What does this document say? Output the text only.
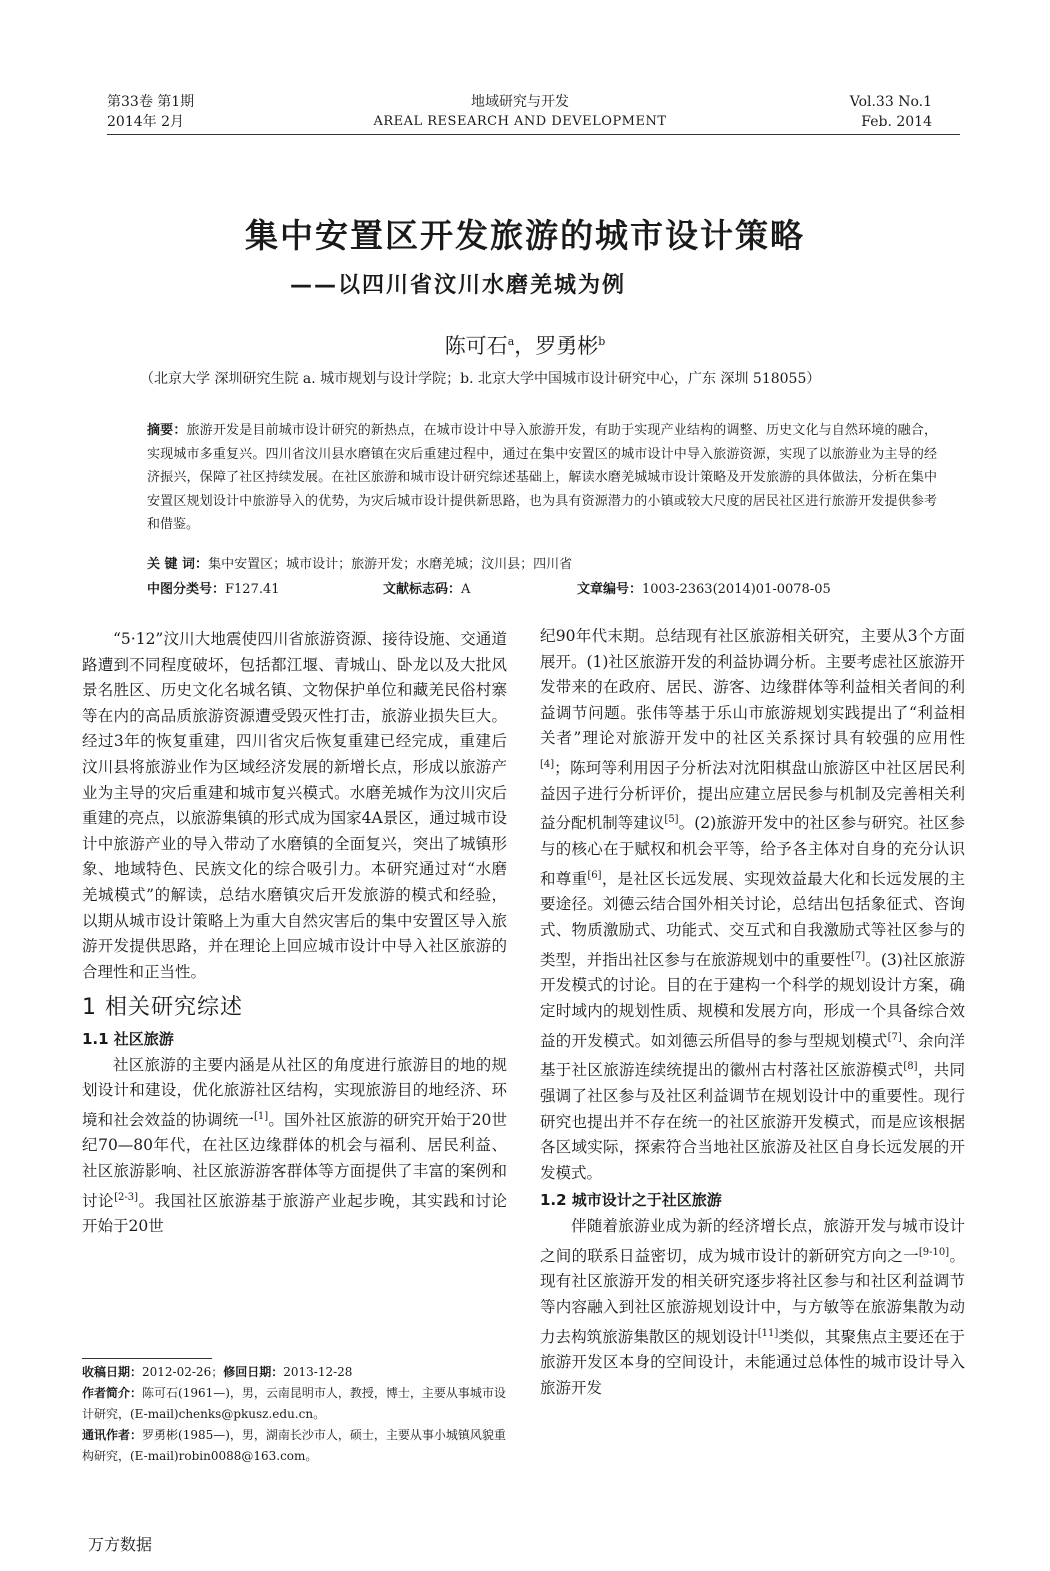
第33卷 第1期
2014年 2月
地域研究与开发
AREAL RESEARCH AND DEVELOPMENT
Vol.33 No.1
Feb. 2014
集中安置区开发旅游的城市设计策略
——以四川省汶川水磨羌城为例
陈可石$^a$，罗勇彬$^b$
（北京大学 深圳研究生院 a. 城市规划与设计学院；b. 北京大学中国城市设计研究中心，广东 深圳 518055）
摘要：旅游开发是目前城市设计研究的新热点，在城市设计中导入旅游开发，有助于实现产业结构的调整、历史文化与自然环境的融合，实现城市多重复兴。四川省汶川县水磨镇在灾后重建过程中，通过在集中安置区的城市设计中导入旅游资源，实现了以旅游业为主导的经济振兴，保障了社区持续发展。在社区旅游和城市设计研究综述基础上，解读水磨羌城城市设计策略及开发旅游的具体做法，分析在集中安置区规划设计中旅游导入的优势，为灾后城市设计提供新思路，也为具有资源潜力的小镇或较大尺度的居民社区进行旅游开发提供参考和借鉴。
关 键 词：集中安置区；城市设计；旅游开发；水磨羌城；汶川县；四川省
中图分类号：F127.41	文献标志码：A	文章编号：1003-2363(2014)01-0078-05

“5·12”汶川大地震使四川省旅游资源、接待设施、交通道路遭到不同程度破坏，包括都江堰、青城山、卧龙以及大批风景名胜区、历史文化名城名镇、文物保护单位和藏羌民俗村寨等在内的高品质旅游资源遭受毁灭性打击，旅游业损失巨大。经过3年的恢复重建，四川省灾后恢复重建已经完成，重建后汶川县将旅游业作为区域经济发展的新增长点，形成以旅游产业为主导的灾后重建和城市复兴模式。水磨羌城作为汶川灾后重建的亮点，以旅游集镇的形式成为国家4A景区，通过城市设计中旅游产业的导入带动了水磨镇的全面复兴，突出了城镇形象、地域特色、民族文化的综合吸引力。本研究通过对“水磨羌城模式”的解读，总结水磨镇灾后开发旅游的模式和经验，以期从城市设计策略上为重大自然灾害后的集中安置区导入旅游开发提供思路，并在理论上回应城市设计中导入社区旅游的合理性和正当性。

1 相关研究综述
1.1 社区旅游

社区旅游的主要内涵是从社区的角度进行旅游目的地的规划设计和建设，优化旅游社区结构，实现旅游目的地经济、环境和社会效益的协调统一[1]。国外社区旅游的研究开始于20世纪70—80年代，在社区边缘群体的机会与福利、居民利益、社区旅游影响、社区旅游游客群体等方面提供了丰富的案例和讨论[2-3]。我国社区旅游基于旅游产业起步晚，其实践和讨论开始于20世

纪90年代末期。总结现有社区旅游相关研究，主要从3个方面展开。(1)社区旅游开发的利益协调分析。主要考虑社区旅游开发带来的在政府、居民、游客、边缘群体等利益相关者间的利益调节问题。张伟等基于乐山市旅游规划实践提出了“利益相关者”理论对旅游开发中的社区关系探讨具有较强的应用性[4]；陈珂等利用因子分析法对沈阳棋盘山旅游区中社区居民利益因子进行分析评价，提出应建立居民参与机制及完善相关利益分配机制等建议[5]。(2)旅游开发中的社区参与研究。社区参与的核心在于赋权和机会平等，给予各主体对自身的充分认识和尊重[6]，是社区长远发展、实现效益最大化和长远发展的主要途径。刘德云结合国外相关讨论，总结出包括象征式、咨询式、物质激励式、功能式、交互式和自我激励式等社区参与的类型，并指出社区参与在旅游规划中的重要性[7]。(3)社区旅游开发模式的讨论。目的在于建构一个科学的规划设计方案，确定时域内的规划性质、规模和发展方向，形成一个具备综合效益的开发模式。如刘德云所倡导的参与型规划模式[7]、余向洋基于社区旅游连续统提出的徽州古村落社区旅游模式[8]，共同强调了社区参与及社区利益调节在规划设计中的重要性。现行研究也提出并不存在统一的社区旅游开发模式，而是应该根据各区域实际，探索符合当地社区旅游及社区自身长远发展的开发模式。

1.2 城市设计之于社区旅游

伴随着旅游业成为新的经济增长点，旅游开发与城市设计之间的联系日益密切，成为城市设计的新研究方向之一[9-10]。现有社区旅游开发的相关研究逐步将社区参与和社区利益调节等内容融入到社区旅游规划设计中，与方敏等在旅游集散为动力去构筑旅游集散区的规划设计[11]类似，其聚焦点主要还在于旅游开发区本身的空间设计，未能通过总体性的城市设计导入旅游开发

收稿日期：2012-02-26；修回日期：2013-12-28

作者简介：陈可石(1961—)，男，云南昆明市人，教授，博士，主要从事城市设计研究，(E-mail)chenks@pkusz.edu.cn。

通讯作者：罗勇彬(1985—)，男，湖南长沙市人，硕士，主要从事小城镇风貌重构研究，(E-mail)robin0088@163.com。

万方数据
